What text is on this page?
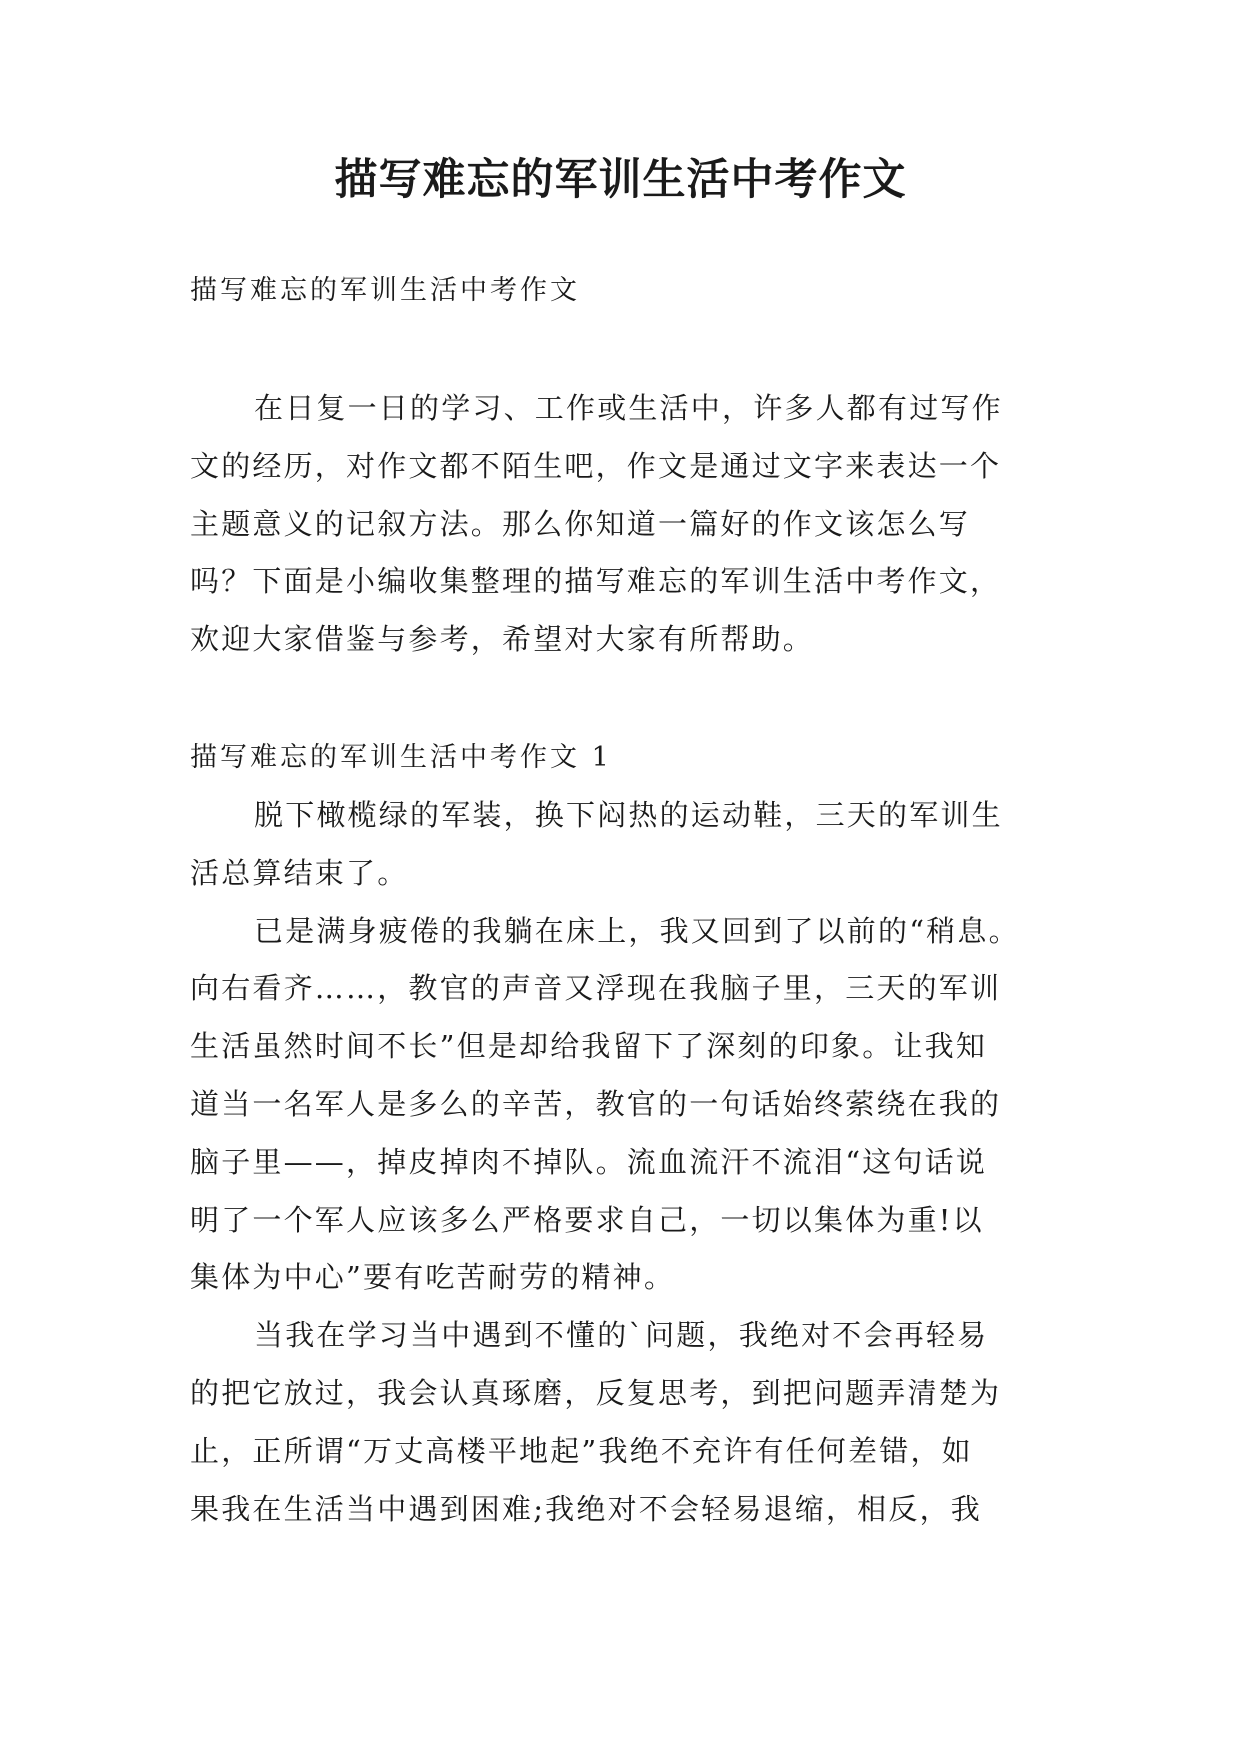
描写难忘的军训生活中考作文

描写难忘的军训生活中考作文

在日复一日的学习、工作或生活中，许多人都有过写作
文的经历，对作文都不陌生吧，作文是通过文字来表达一个
主题意义的记叙方法。那么你知道一篇好的作文该怎么写
吗？下面是小编收集整理的描写难忘的军训生活中考作文，
欢迎大家借鉴与参考，希望对大家有所帮助。

描写难忘的军训生活中考作文 1

脱下橄榄绿的军装，换下闷热的运动鞋，三天的军训生
活总算结束了。

已是满身疲倦的我躺在床上，我又回到了以前的“稍息。
向右看齐……，教官的声音又浮现在我脑子里，三天的军训
生活虽然时间不长”但是却给我留下了深刻的印象。让我知
道当一名军人是多么的辛苦，教官的一句话始终萦绕在我的
脑子里——，掉皮掉肉不掉队。流血流汗不流泪“这句话说
明了一个军人应该多么严格要求自己，一切以集体为重!以
集体为中心”要有吃苦耐劳的精神。

当我在学习当中遇到不懂的`问题，我绝对不会再轻易
的把它放过，我会认真琢磨，反复思考，到把问题弄清楚为
止，正所谓“万丈高楼平地起”我绝不充许有任何差错，如
果我在生活当中遇到困难;我绝对不会轻易退缩，相反，我
